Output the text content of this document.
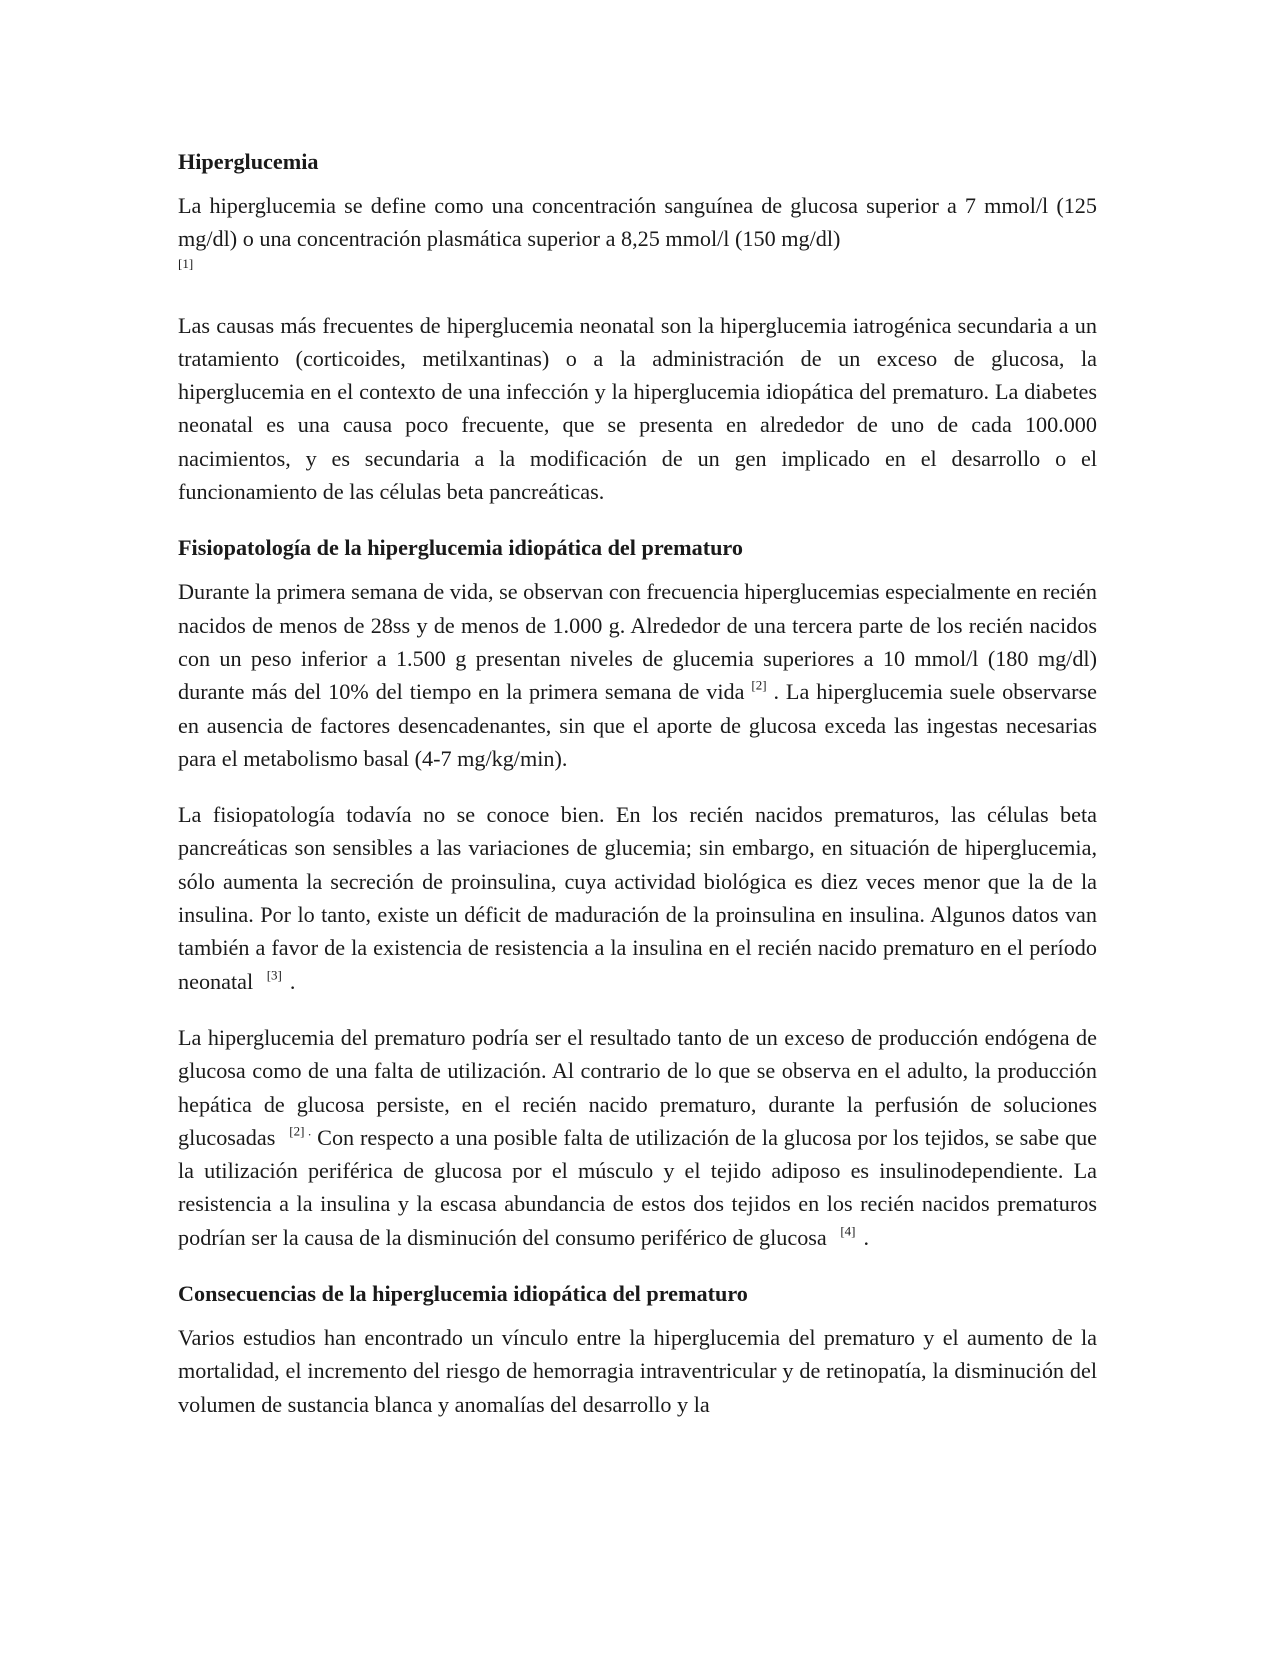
Hiperglucemia

La hiperglucemia se define como una concentración sanguínea de glucosa superior a 7 mmol/l (125 mg/dl) o una concentración plasmática superior a 8,25 mmol/l (150 mg/dl)

[1]

Las causas más frecuentes de hiperglucemia neonatal son la hiperglucemia iatrogénica secundaria a un tratamiento (corticoides, metilxantinas) o a la administración de un exceso de glucosa, la hiperglucemia en el contexto de una infección y la hiperglucemia idiopática del prematuro. La diabetes neonatal es una causa poco frecuente, que se presenta en alrededor de uno de cada 100.000 nacimientos, y es secundaria a la modificación de un gen implicado en el desarrollo o el funcionamiento de las células beta pancreáticas.

Fisiopatología de la hiperglucemia idiopática del prematuro

Durante la primera semana de vida, se observan con frecuencia hiperglucemias especialmente en recién nacidos de menos de 28ss y de menos de 1.000 g. Alrededor de una tercera parte de los recién nacidos con un peso inferior a 1.500 g presentan niveles de glucemia superiores a 10 mmol/l (180 mg/dl) durante más del 10% del tiempo en la primera semana de vida [2] . La hiperglucemia suele observarse en ausencia de factores desencadenantes, sin que el aporte de glucosa exceda las ingestas necesarias para el metabolismo basal (4-7 mg/kg/min).

La fisiopatología todavía no se conoce bien. En los recién nacidos prematuros, las células beta pancreáticas son sensibles a las variaciones de glucemia; sin embargo, en situación de hiperglucemia, sólo aumenta la secreción de proinsulina, cuya actividad biológica es diez veces menor que la de la insulina. Por lo tanto, existe un déficit de maduración de la proinsulina en insulina. Algunos datos van también a favor de la existencia de resistencia a la insulina en el recién nacido prematuro en el período neonatal [3] .

La hiperglucemia del prematuro podría ser el resultado tanto de un exceso de producción endógena de glucosa como de una falta de utilización. Al contrario de lo que se observa en el adulto, la producción hepática de glucosa persiste, en el recién nacido prematuro, durante la perfusión de soluciones glucosadas $^{[2] .}$ Con respecto a una posible falta de utilización de la glucosa por los tejidos, se sabe que la utilización periférica de glucosa por el músculo y el tejido adiposo es insulinodependiente. La resistencia a la insulina y la escasa abundancia de estos dos tejidos en los recién nacidos prematuros podrían ser la causa de la disminución del consumo periférico de glucosa [4] .

Consecuencias de la hiperglucemia idiopática del prematuro

Varios estudios han encontrado un vínculo entre la hiperglucemia del prematuro y el aumento de la mortalidad, el incremento del riesgo de hemorragia intraventricular y de retinopatía, la disminución del volumen de sustancia blanca y anomalías del desarrollo y la
